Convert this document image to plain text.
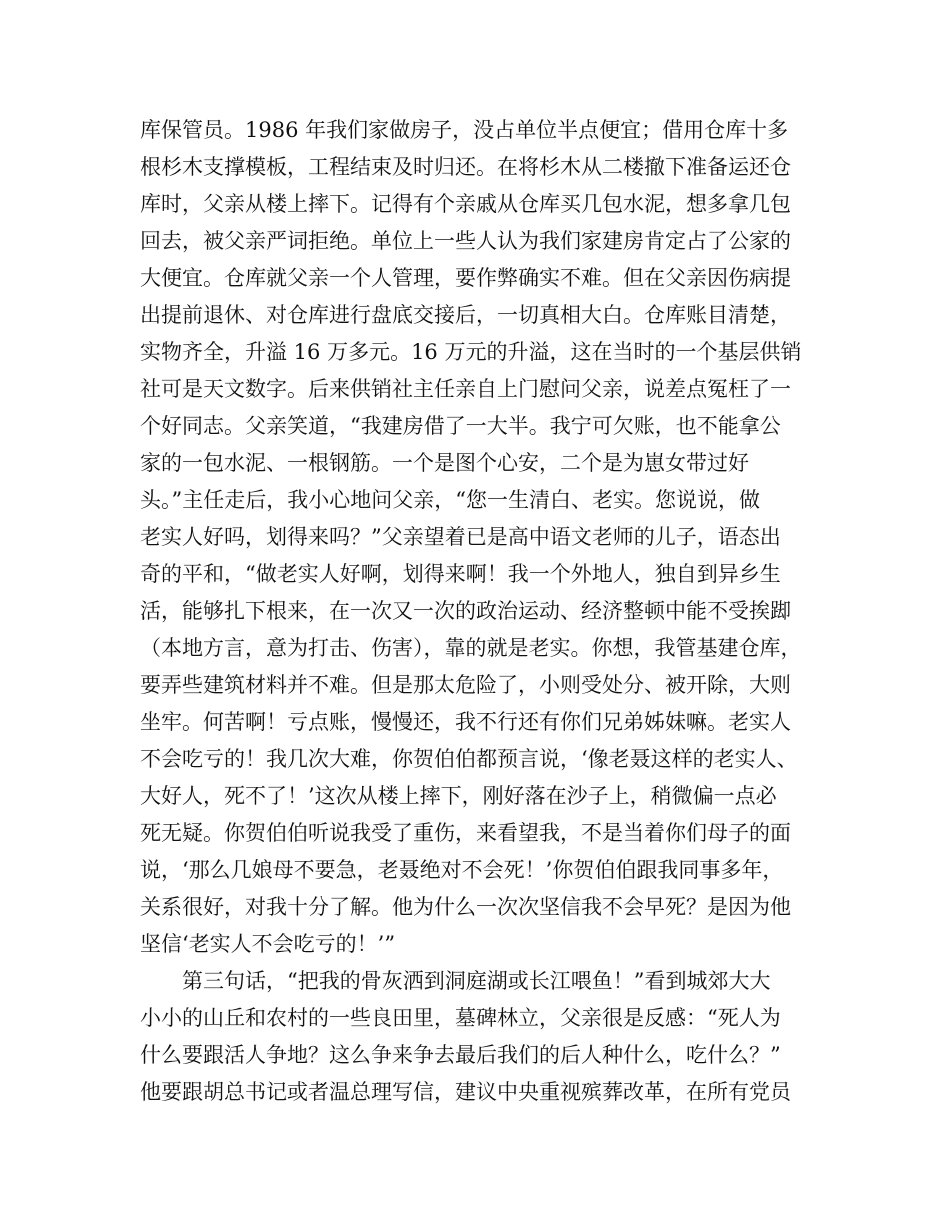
库保管员。1986 年我们家做房子，没占单位半点便宜；借用仓库十多
根杉木支撑模板，工程结束及时归还。在将杉木从二楼撤下准备运还仓
库时，父亲从楼上摔下。记得有个亲戚从仓库买几包水泥，想多拿几包
回去，被父亲严词拒绝。单位上一些人认为我们家建房肯定占了公家的
大便宜。仓库就父亲一个人管理，要作弊确实不难。但在父亲因伤病提
出提前退休、对仓库进行盘底交接后，一切真相大白。仓库账目清楚，
实物齐全，升溢 16 万多元。16 万元的升溢，这在当时的一个基层供销
社可是天文数字。后来供销社主任亲自上门慰问父亲，说差点冤枉了一
个好同志。父亲笑道，“我建房借了一大半。我宁可欠账，也不能拿公
家的一包水泥、一根钢筋。一个是图个心安，二个是为崽女带过好
头。”主任走后，我小心地问父亲，“您一生清白、老实。您说说，做
老实人好吗，划得来吗？”父亲望着已是高中语文老师的儿子，语态出
奇的平和，“做老实人好啊，划得来啊！我一个外地人，独自到异乡生
活，能够扎下根来，在一次又一次的政治运动、经济整顿中能不受挨踋
（本地方言，意为打击、伤害），靠的就是老实。你想，我管基建仓库，
要弄些建筑材料并不难。但是那太危险了，小则受处分、被开除，大则
坐牢。何苦啊！亏点账，慢慢还，我不行还有你们兄弟姊妹嘛。老实人
不会吃亏的！我几次大难，你贺伯伯都预言说，‘像老聂这样的老实人、
大好人，死不了！’这次从楼上摔下，刚好落在沙子上，稍微偏一点必
死无疑。你贺伯伯听说我受了重伤，来看望我，不是当着你们母子的面
说，‘那么几娘母不要急，老聂绝对不会死！’你贺伯伯跟我同事多年，
关系很好，对我十分了解。他为什么一次次坚信我不会早死？是因为他
坚信‘老实人不会吃亏的！’”
　　第三句话，“把我的骨灰洒到洞庭湖或长江喂鱼！”看到城郊大大
小小的山丘和农村的一些良田里，墓碑林立，父亲很是反感：“死人为
什么要跟活人争地？这么争来争去最后我们的后人种什么，吃什么？”
他要跟胡总书记或者温总理写信，建议中央重视殡葬改革，在所有党员
